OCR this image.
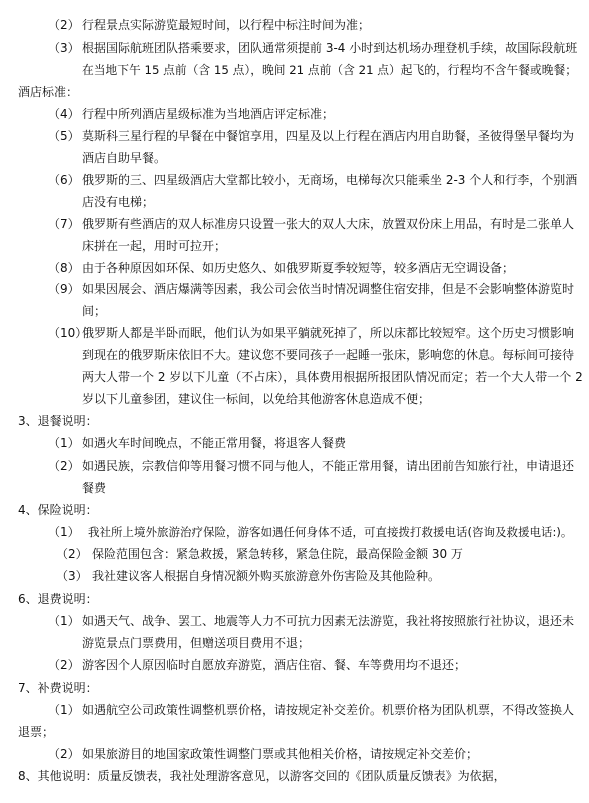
（2） 行程景点实际游览最短时间，以行程中标注时间为准；
（3） 根据国际航班团队搭乘要求，团队通常须提前 3-4 小时到达机场办理登机手续，故国际段航班
在当地下午 15 点前（含 15 点），晚间 21 点前（含 21 点）起飞的，行程均不含午餐或晚餐；
酒店标准：
（4） 行程中所列酒店星级标准为当地酒店评定标准；
（5） 莫斯科三星行程的早餐在中餐馆享用，四星及以上行程在酒店内用自助餐，圣彼得堡早餐均为
酒店自助早餐。
（6） 俄罗斯的三、四星级酒店大堂都比较小，无商场，电梯每次只能乘坐 2-3 个人和行李，个别酒
店没有电梯；
（7） 俄罗斯有些酒店的双人标准房只设置一张大的双人大床，放置双份床上用品，有时是二张单人
床拼在一起，用时可拉开；
（8） 由于各种原因如环保、如历史悠久、如俄罗斯夏季较短等，较多酒店无空调设备；
（9） 如果因展会、酒店爆满等因素，我公司会依当时情况调整住宿安排，但是不会影响整体游览时
间；
（10）
俄罗斯人都是半卧而眠，他们认为如果平躺就死掉了，所以床都比较短窄。这个历史习惯影响
到现在的俄罗斯床依旧不大。建议您不要同孩子一起睡一张床，影响您的休息。每标间可接待
两大人带一个 2 岁以下儿童（不占床），具体费用根据所报团队情况而定；若一个大人带一个 2
岁以下儿童参团，建议住一标间，以免给其他游客休息造成不便；
3、退餐说明：
（1） 如遇火车时间晚点，不能正常用餐，将退客人餐费
（2） 如遇民族，宗教信仰等用餐习惯不同与他人，不能正常用餐，请出团前告知旅行社，申请退还
餐费
4、保险说明：
（1） 我社所上境外旅游治疗保险，游客如遇任何身体不适，可直接拨打救援电话(咨询及救援电话:)。
（2） 保险范围包含：紧急救援，紧急转移，紧急住院，最高保险金额 30 万
（3） 我社建议客人根据自身情况额外购买旅游意外伤害险及其他险种。
6、退费说明：
（1） 如遇天气、战争、罢工、地震等人力不可抗力因素无法游览，我社将按照旅行社协议，退还未
游览景点门票费用，但赠送项目费用不退；
（2） 游客因个人原因临时自愿放弃游览，酒店住宿、餐、车等费用均不退还；
7、补费说明：
（1） 如遇航空公司政策性调整机票价格，请按规定补交差价。机票价格为团队机票，不得改签换人
退票；
（2） 如果旅游目的地国家政策性调整门票或其他相关价格，请按规定补交差价；
8、其他说明：质量反馈表，我社处理游客意见，以游客交回的《团队质量反馈表》为依据，
